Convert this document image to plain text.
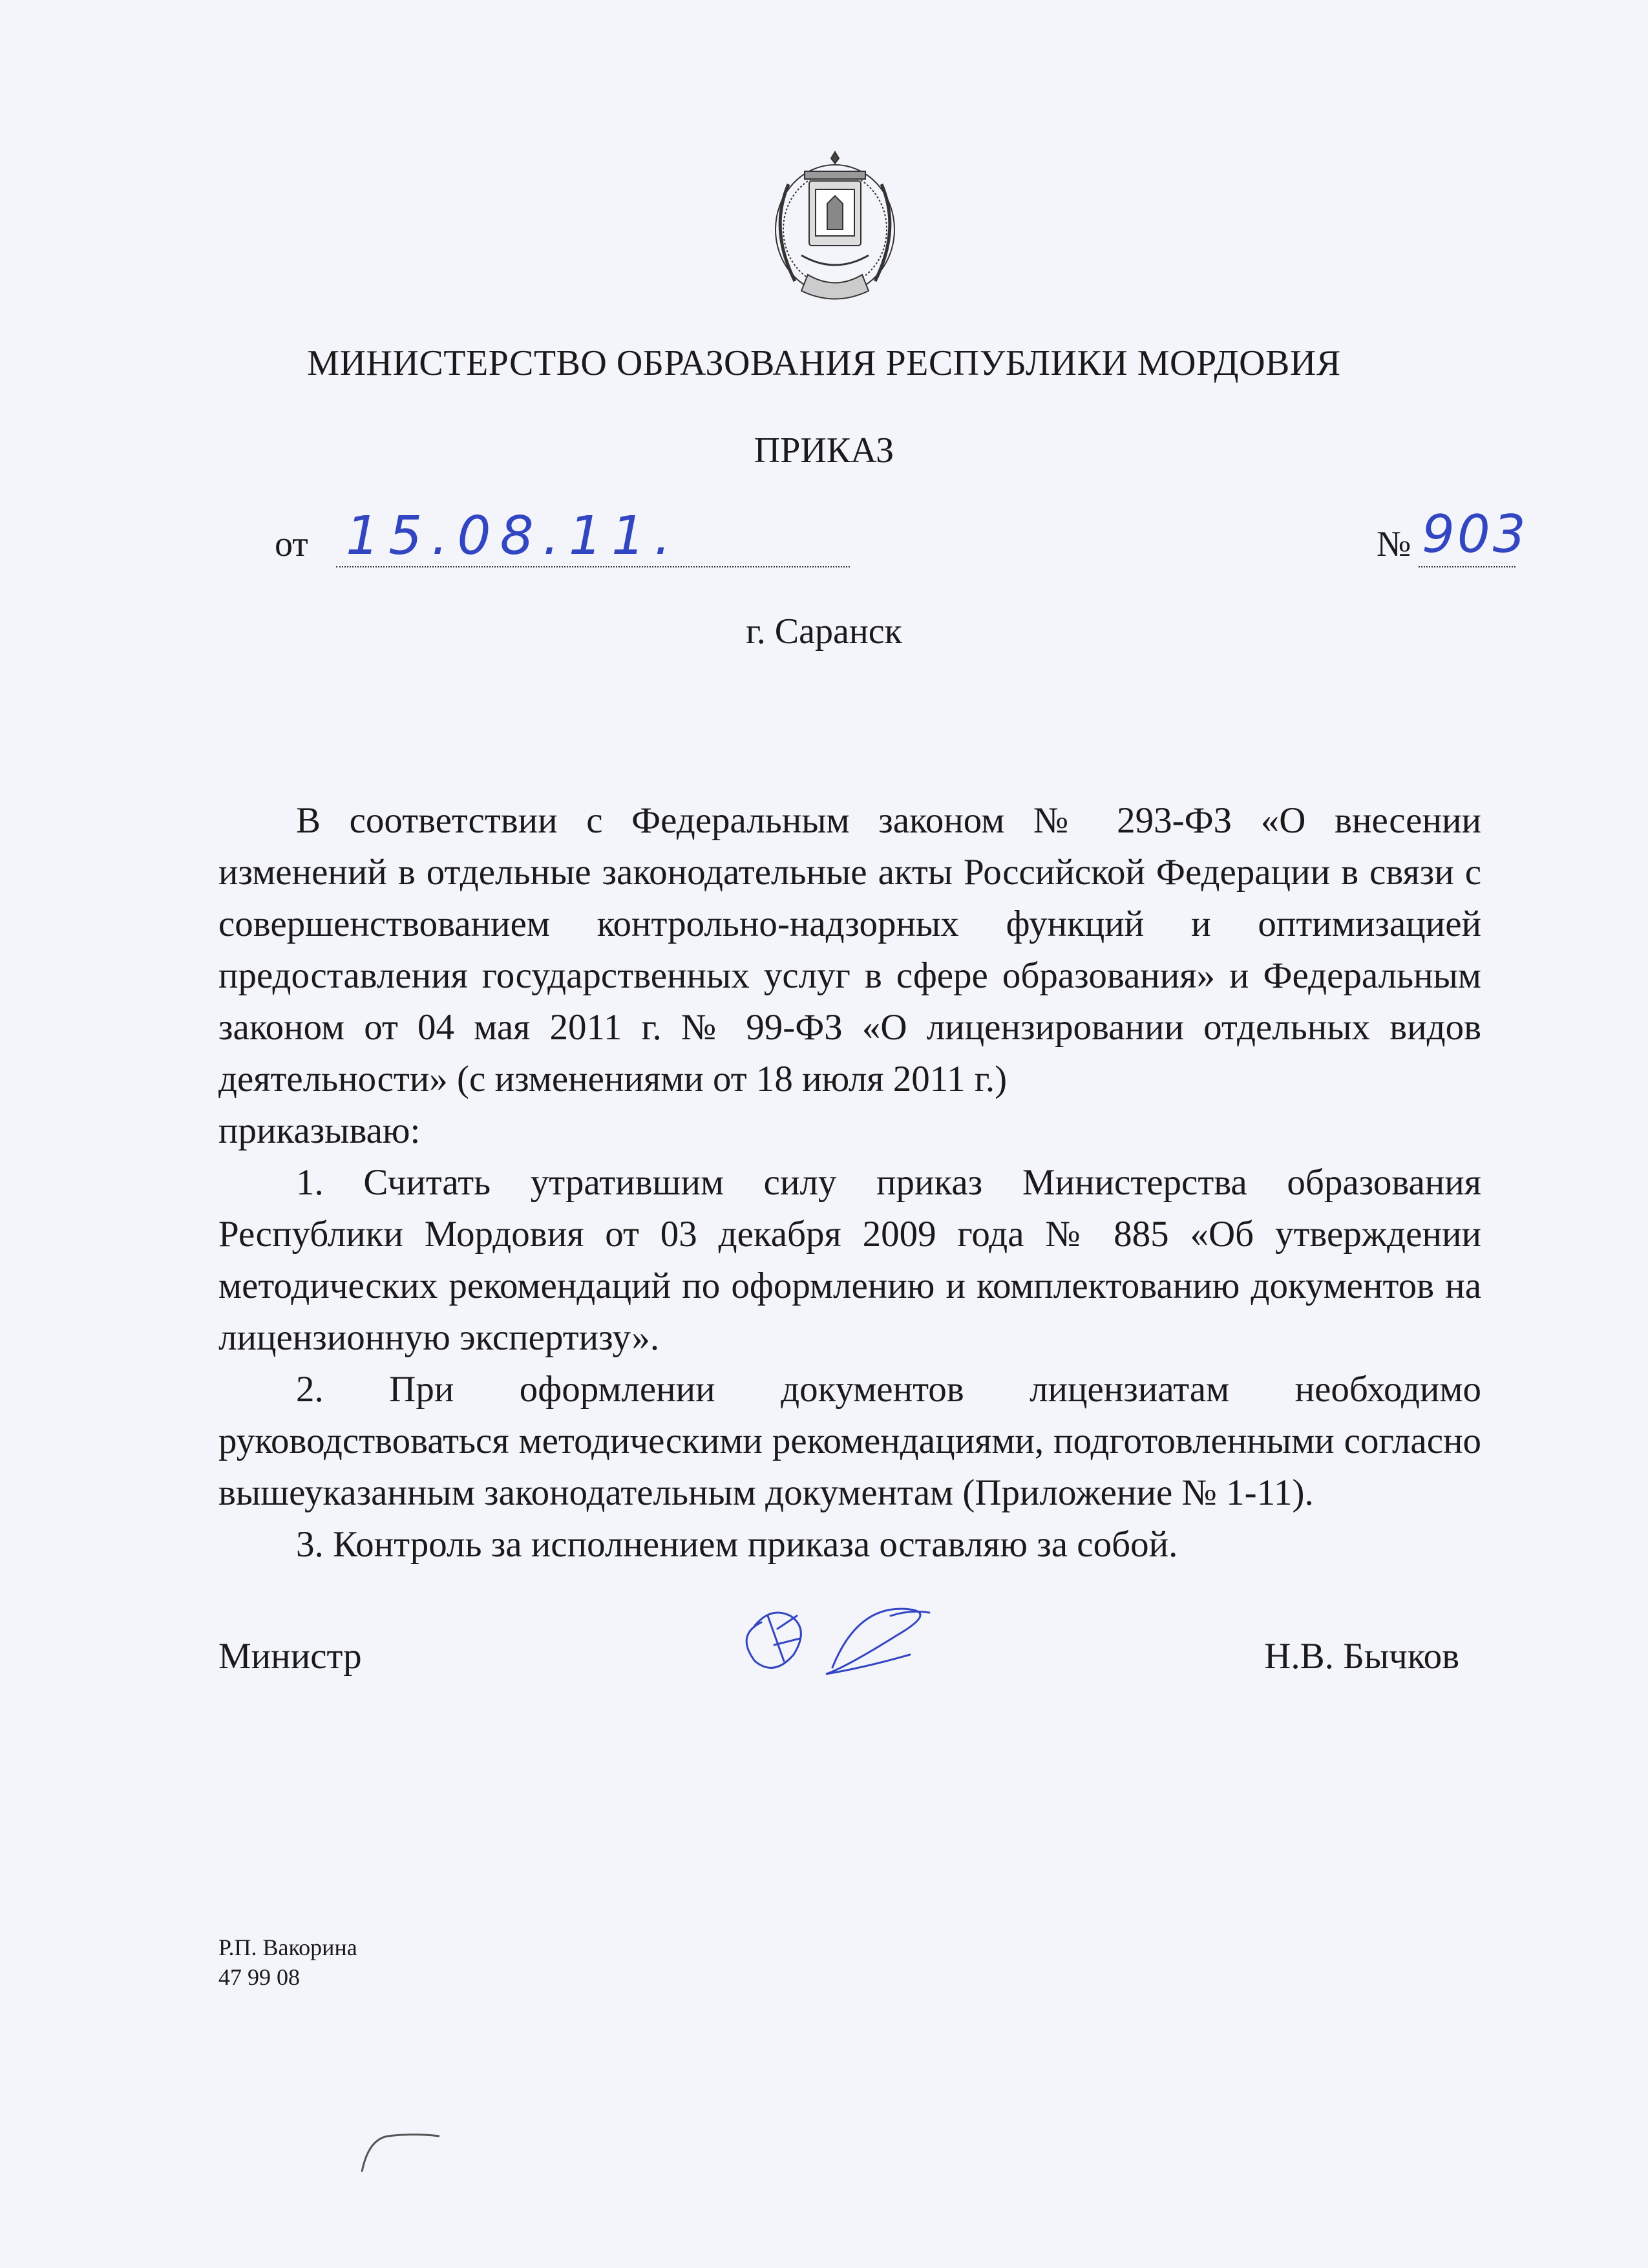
МИНИСТЕРСТВО ОБРАЗОВАНИЯ РЕСПУБЛИКИ МОРДОВИЯ
ПРИКАЗ
от 15.08.11.	№ 903
г. Саранск

В соответствии с Федеральным законом № 293-ФЗ «О внесении изменений в отдельные законодательные акты Российской Федерации в связи с совершенствованием контрольно-надзорных функций и оптимизацией предоставления государственных услуг в сфере образования» и Федеральным законом от 04 мая 2011 г. № 99-ФЗ «О лицензировании отдельных видов деятельности» (с изменениями от 18 июля 2011 г.)

приказываю:

1. Считать утратившим силу приказ Министерства образования Республики Мордовия от 03 декабря 2009 года № 885 «Об утверждении методических рекомендаций по оформлению и комплектованию документов на лицензионную экспертизу».

2. При оформлении документов лицензиатам необходимо руководствоваться методическими рекомендациями, подготовленными согласно вышеуказанным законодательным документам (Приложение № 1-11).

3. Контроль за исполнением приказа оставляю за собой.

Министр	Н.В. Бычков
Р.П. Вакорина
47 99 08
